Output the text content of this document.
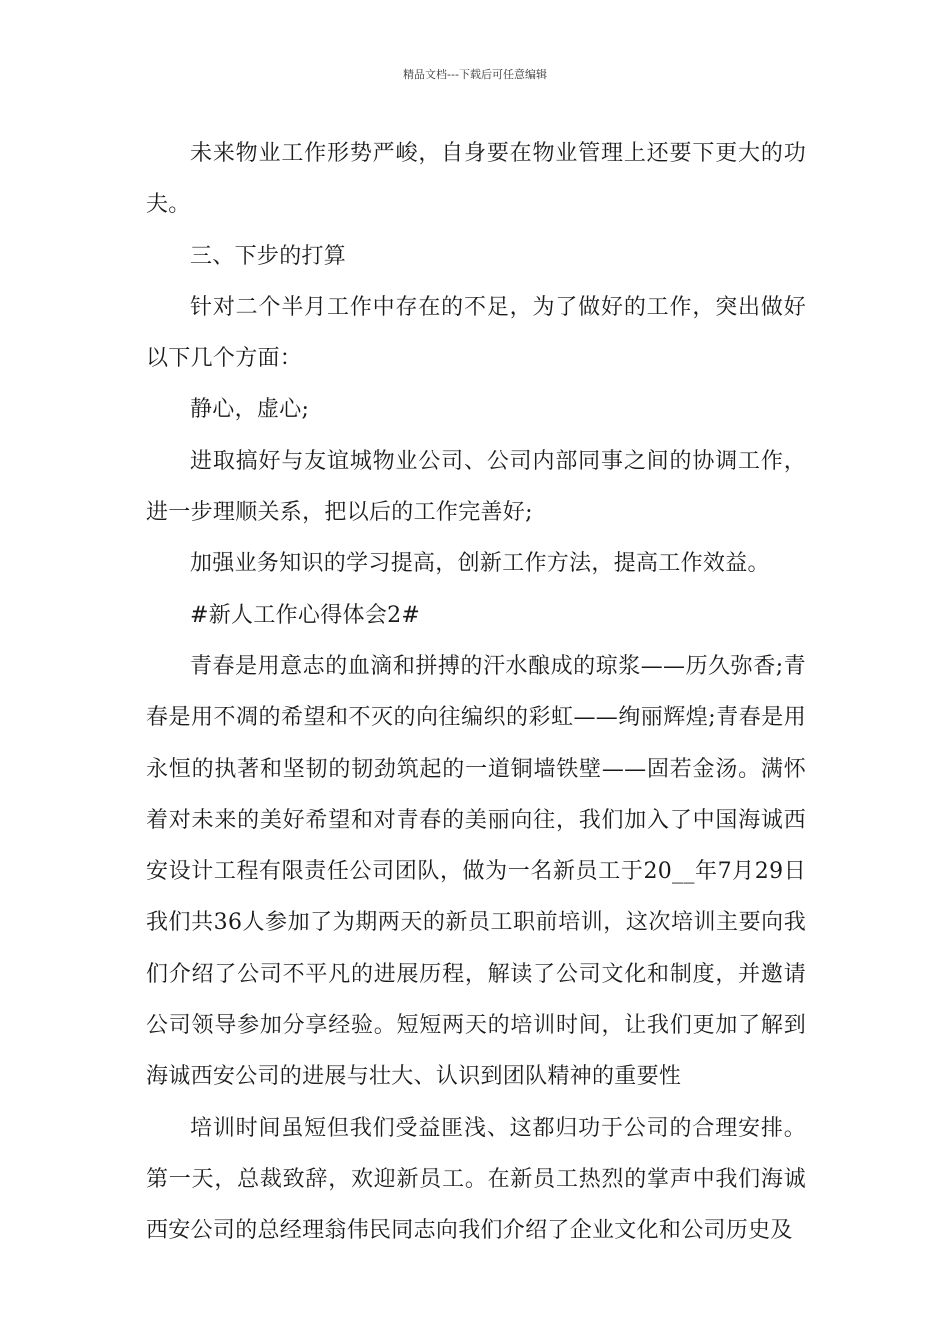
精品文档---下载后可任意编辑

未来物业工作形势严峻，自身要在物业管理上还要下更大的功夫。

三、下步的打算

针对二个半月工作中存在的不足，为了做好的工作，突出做好以下几个方面：

静心，虚心;

进取搞好与友谊城物业公司、公司内部同事之间的协调工作，进一步理顺关系，把以后的工作完善好;

加强业务知识的学习提高，创新工作方法，提高工作效益。

#新人工作心得体会2#

青春是用意志的血滴和拼搏的汗水酿成的琼浆——历久弥香;青春是用不凋的希望和不灭的向往编织的彩虹——绚丽辉煌;青春是用永恒的执著和坚韧的韧劲筑起的一道铜墙铁壁——固若金汤。满怀着对未来的美好希望和对青春的美丽向往，我们加入了中国海诚西安设计工程有限责任公司团队，做为一名新员工于20__年7月29日我们共36人参加了为期两天的新员工职前培训，这次培训主要向我们介绍了公司不平凡的进展历程，解读了公司文化和制度，并邀请公司领导参加分享经验。短短两天的培训时间，让我们更加了解到海诚西安公司的进展与壮大、认识到团队精神的重要性

培训时间虽短但我们受益匪浅、这都归功于公司的合理安排。第一天，总裁致辞，欢迎新员工。在新员工热烈的掌声中我们海诚西安公司的总经理翁伟民同志向我们介绍了企业文化和公司历史及
